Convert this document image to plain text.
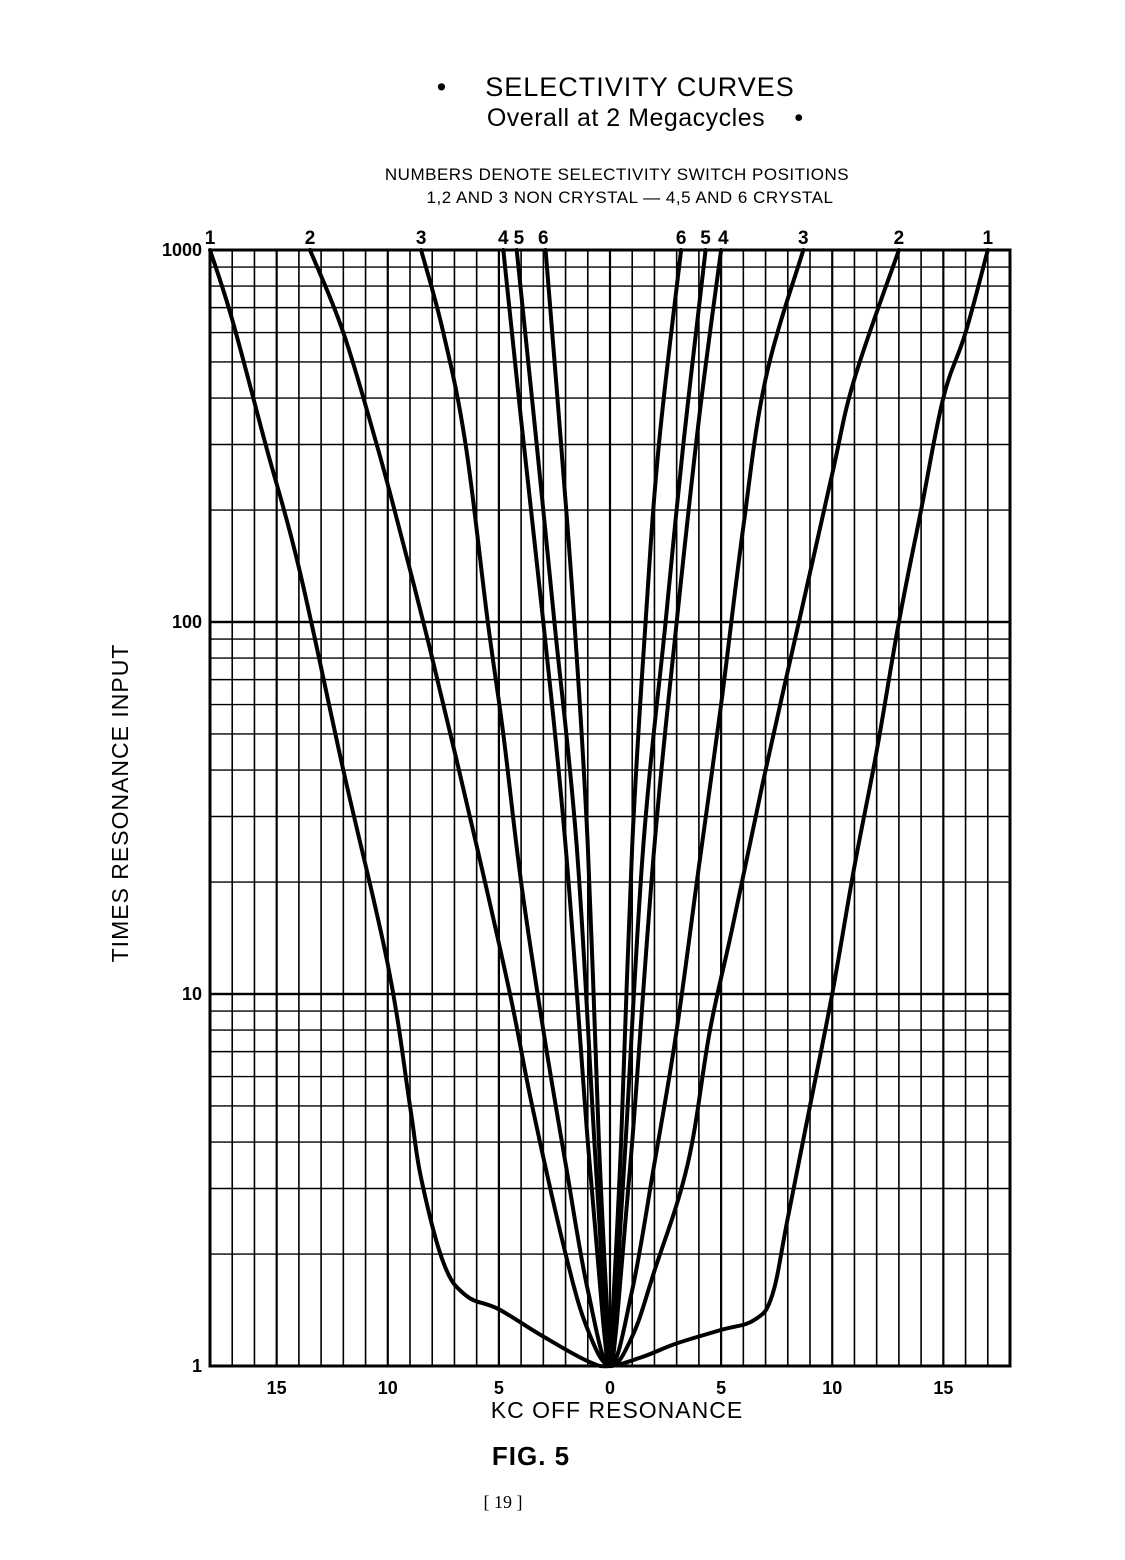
SELECTIVITY CURVES
•
Overall at 2 Megacycles •
NUMBERS DENOTE SELECTIVITY SWITCH POSITIONS
1,2 AND 3 NON CRYSTAL — 4,5 AND 6 CRYSTAL
15	10	5	0	5	10	15
1
10
100
1000
1	2	3	4 5 6	6 5 4	3	2	1
KC OFF RESONANCE
TIMES RESONANCE INPUT
FIG. 5
[ 19 ]
